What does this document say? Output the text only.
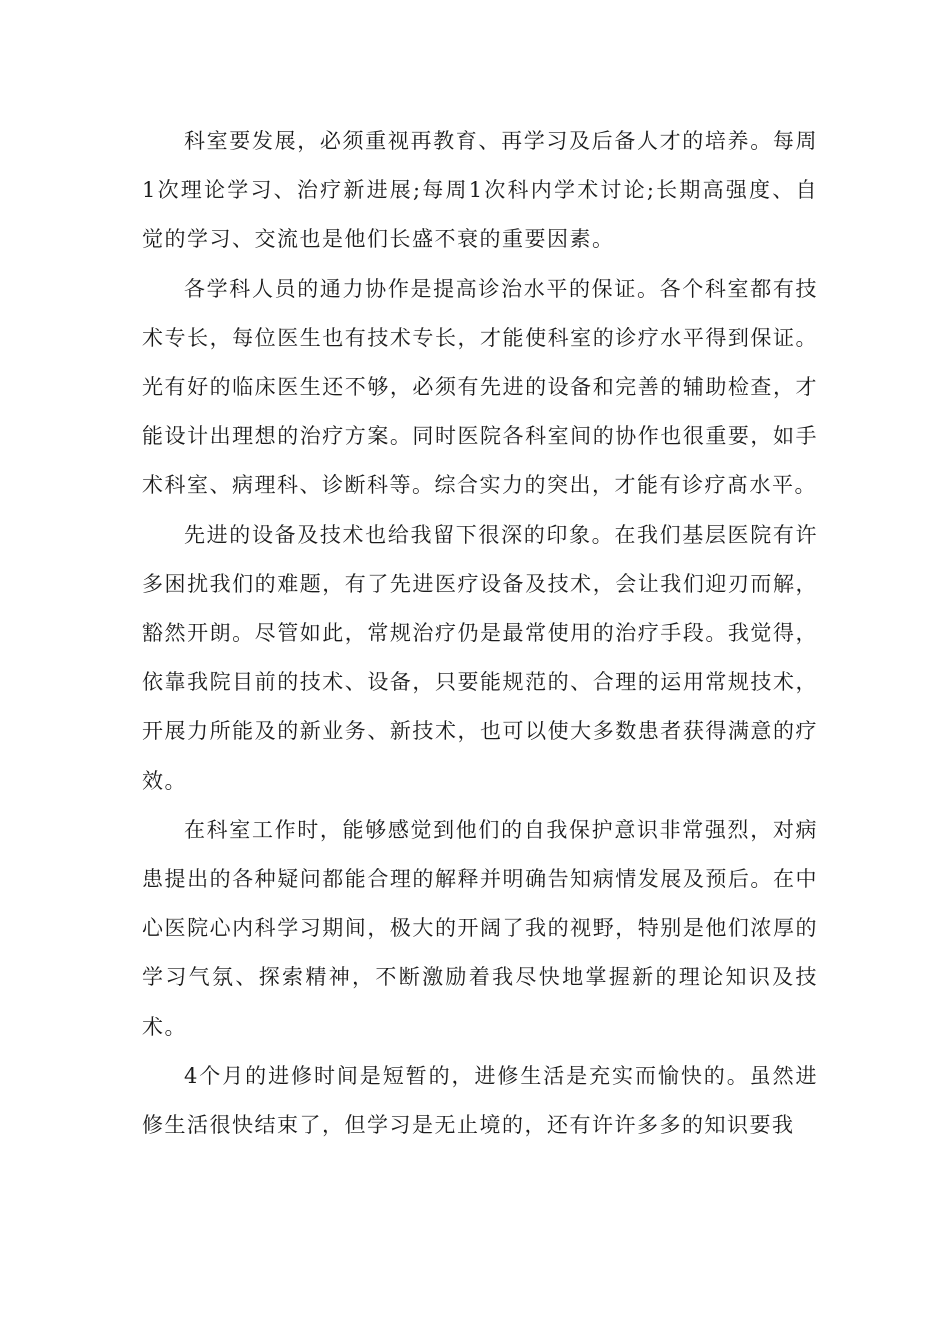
科室要发展，必须重视再教育、再学习及后备人才的培养。每周1次理论学习、治疗新进展;每周1次科内学术讨论;长期高强度、自觉的学习、交流也是他们长盛不衰的重要因素。

各学科人员的通力协作是提高诊治水平的保证。各个科室都有技术专长，每位医生也有技术专长，才能使科室的诊疗水平得到保证。光有好的临床医生还不够，必须有先进的设备和完善的辅助检查，才能设计出理想的治疗方案。同时医院各科室间的协作也很重要，如手术科室、病理科、诊断科等。综合实力的突出，才能有诊疗髙水平。

先进的设备及技术也给我留下很深的印象。在我们基层医院有许多困扰我们的难题，有了先进医疗设备及技术，会让我们迎刃而解，豁然开朗。尽管如此，常规治疗仍是最常使用的治疗手段。我觉得，依靠我院目前的技术、设备，只要能规范的、合理的运用常规技术，开展力所能及的新业务、新技术，也可以使大多数患者获得满意的疗效。

在科室工作时，能够感觉到他们的自我保护意识非常强烈，对病患提出的各种疑问都能合理的解释并明确告知病情发展及预后。在中心医院心内科学习期间，极大的开阔了我的视野，特别是他们浓厚的学习气氛、探索精神，不断激励着我尽快地掌握新的理论知识及技术。

4个月的进修时间是短暂的，进修生活是充实而愉快的。虽然进修生活很快结束了，但学习是无止境的，还有许许多多的知识要我
